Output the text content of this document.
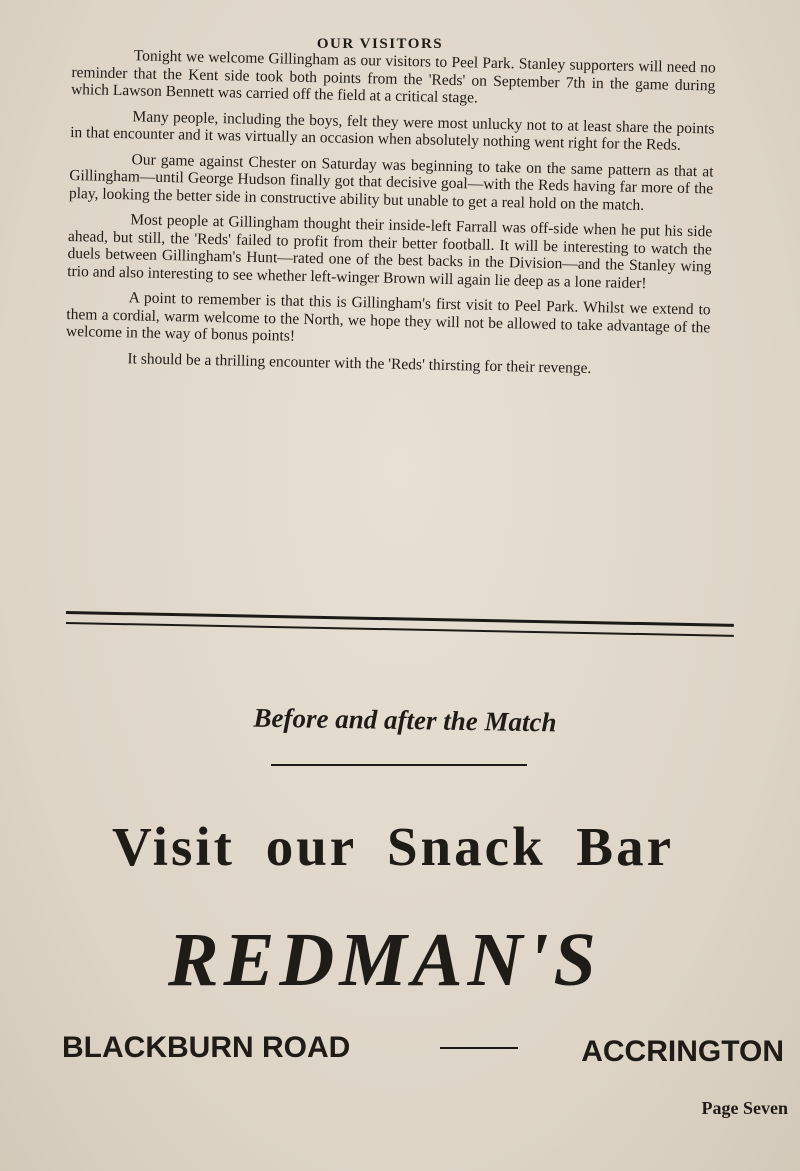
OUR VISITORS

Tonight we welcome Gillingham as our visitors to Peel Park. Stanley supporters will need no reminder that the Kent side took both points from the 'Reds' on September 7th in the game during which Lawson Bennett was carried off the field at a critical stage.

Many people, including the boys, felt they were most unlucky not to at least share the points in that encounter and it was virtually an occasion when absolutely nothing went right for the Reds.

Our game against Chester on Saturday was beginning to take on the same pattern as that at Gillingham—until George Hudson finally got that decisive goal—with the Reds having far more of the play, looking the better side in constructive ability but unable to get a real hold on the match.

Most people at Gillingham thought their inside-left Farrall was off-side when he put his side ahead, but still, the 'Reds' failed to profit from their better football. It will be interesting to watch the duels between Gillingham's Hunt—rated one of the best backs in the Division—and the Stanley wing trio and also interesting to see whether left-winger Brown will again lie deep as a lone raider!

A point to remember is that this is Gillingham's first visit to Peel Park. Whilst we extend to them a cordial, warm welcome to the North, we hope they will not be allowed to take advantage of the welcome in the way of bonus points!

It should be a thrilling encounter with the 'Reds' thirsting for their revenge.

Before and after the Match
Visit our Snack Bar
REDMAN'S
BLACKBURN ROAD	ACCRINGTON
Page Seven
